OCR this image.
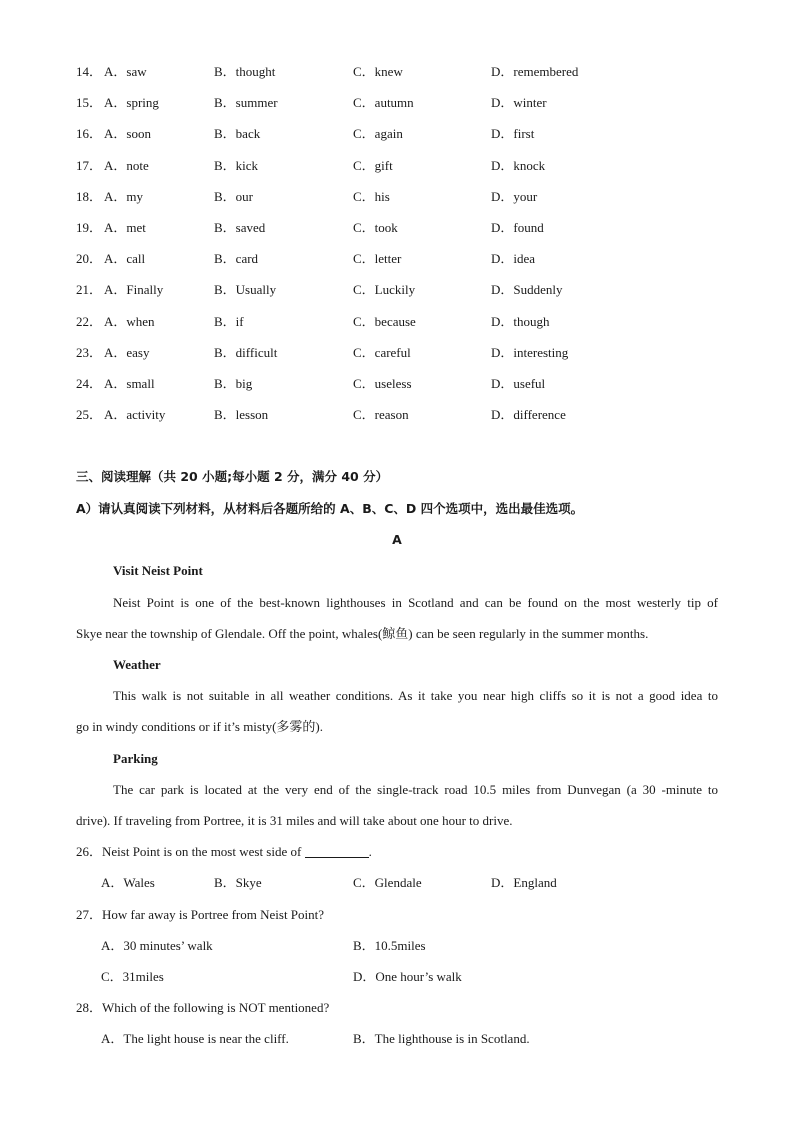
14． A．saw	B．thought	C．knew	D．remembered
15． A．spring	B．summer	C．autumn	D．winter
16． A．soon	B．back	C．again	D．first
17． A．note	B．kick	C．gift	D．knock
18． A．my	B．our	C．his	D．your
19． A．met	B．saved	C．took	D．found
20． A．call	B．card	C．letter	D．idea
21． A．Finally	B．Usually	C．Luckily	D．Suddenly
22． A．when	B．if	C．because	D．though
23． A．easy	B．difficult	C．careful	D．interesting
24． A．small	B．big	C．useless	D．useful
25． A．activity	B．lesson	C．reason	D．difference
三、阅读理解（共 20 小题;每小题 2 分，满分 40 分）
A）请认真阅读下列材料，从材料后各题所给的 A、B、C、D 四个选项中，选出最佳选项。
A
Visit Neist Point
Neist Point is one of the best-known lighthouses in Scotland and can be found on the most westerly tip of
Skye near the township of Glendale. Off the point, whales(鲸鱼) can be seen regularly in the summer months.
Weather
This walk is not suitable in all weather conditions. As it take you near high cliffs so it is not a good idea to
go in windy conditions or if it’s misty(多雾的).
Parking
The car park is located at the very end of the single-track road 10.5 miles from Dunvegan (a 30 -minute to
drive). If traveling from Portree, it is 31 miles and will take about one hour to drive.
26．Neist Point is on the most west side of	.
A．Wales	B．Skye	C．Glendale	D．England
27．How far away is Portree from Neist Point?
A．30 minutes’ walk	B．10.5miles
C．31miles	D．One hour’s walk
28．Which of the following is NOT mentioned?
A．The light house is near the cliff.	B．The lighthouse is in Scotland.
